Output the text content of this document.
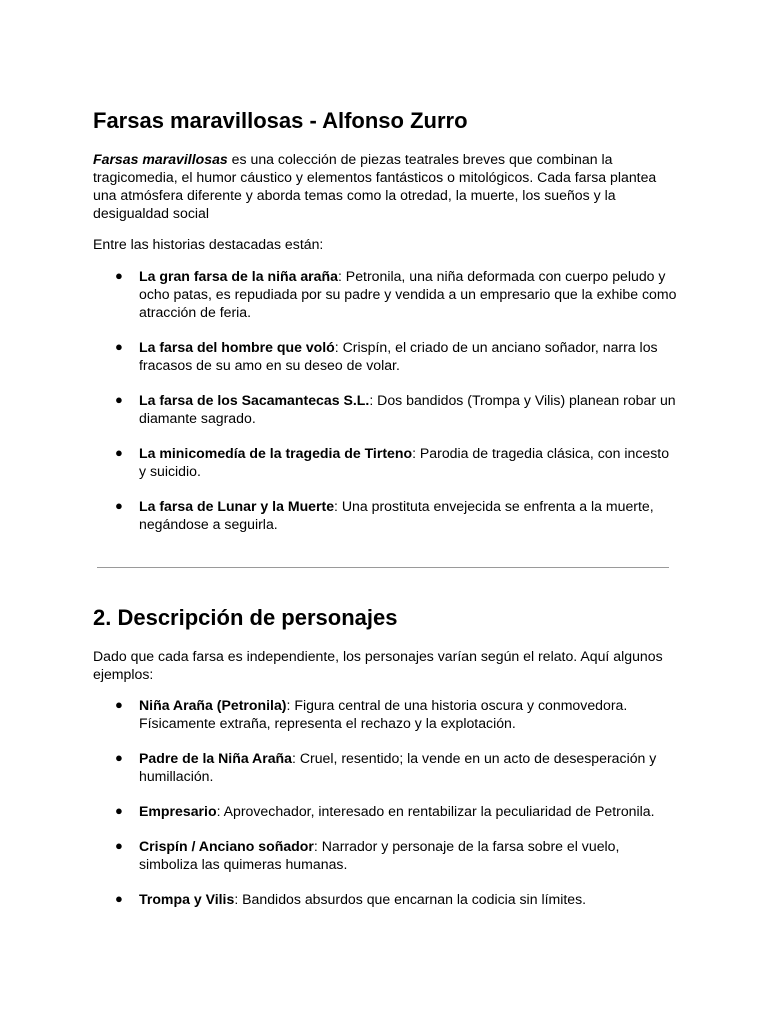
Farsas maravillosas - Alfonso Zurro

Farsas maravillosas es una colección de piezas teatrales breves que combinan la tragicomedia, el humor cáustico y elementos fantásticos o mitológicos. Cada farsa plantea una atmósfera diferente y aborda temas como la otredad, la muerte, los sueños y la desigualdad social

Entre las historias destacadas están:

● La gran farsa de la niña araña: Petronila, una niña deformada con cuerpo peludo y ocho patas, es repudiada por su padre y vendida a un empresario que la exhibe como atracción de feria.
● La farsa del hombre que voló: Crispín, el criado de un anciano soñador, narra los fracasos de su amo en su deseo de volar.
● La farsa de los Sacamantecas S.L.: Dos bandidos (Trompa y Vilis) planean robar un diamante sagrado.
● La minicomedía de la tragedia de Tirteno: Parodia de tragedia clásica, con incesto y suicidio.
● La farsa de Lunar y la Muerte: Una prostituta envejecida se enfrenta a la muerte, negándose a seguirla.
2. Descripción de personajes

Dado que cada farsa es independiente, los personajes varían según el relato. Aquí algunos ejemplos:

● Niña Araña (Petronila): Figura central de una historia oscura y conmovedora. Físicamente extraña, representa el rechazo y la explotación.
● Padre de la Niña Araña: Cruel, resentido; la vende en un acto de desesperación y humillación.
● Empresario: Aprovechador, interesado en rentabilizar la peculiaridad de Petronila.
● Crispín / Anciano soñador: Narrador y personaje de la farsa sobre el vuelo, simboliza las quimeras humanas.
● Trompa y Vilis: Bandidos absurdos que encarnan la codicia sin límites.
